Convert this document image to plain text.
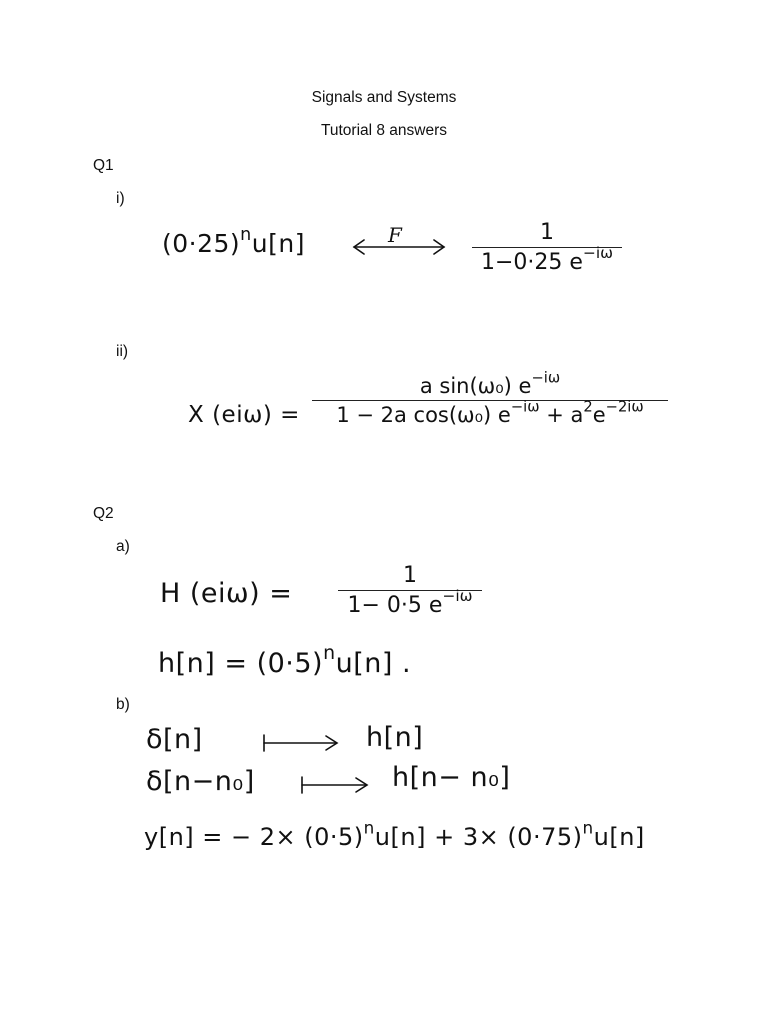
Signals and Systems
Tutorial 8 answers
Q1
i)
$(0\cdot 25)^nu[n]$	F	1
1−0·25 $e^{-i\omega}$
ii)
X (eiω) =
a sin(ω₀) $e^{-i\omega}$
1 − 2a cos(ω₀) $e^{-i\omega} + a^2e^{-2i\omega}$
Q2
a)
H (eiω) =
1
1− 0·5 $e^{-i\omega}$
$h[n] = (0\cdot 5)^nu[n]$ .
b)
δ[n]	h[n]
δ[n−n₀]	h[n− n₀]
y[n] = − $2\times (0\cdot 5)^nu[n] + 3\times (0\cdot 75)^nu[n]$
